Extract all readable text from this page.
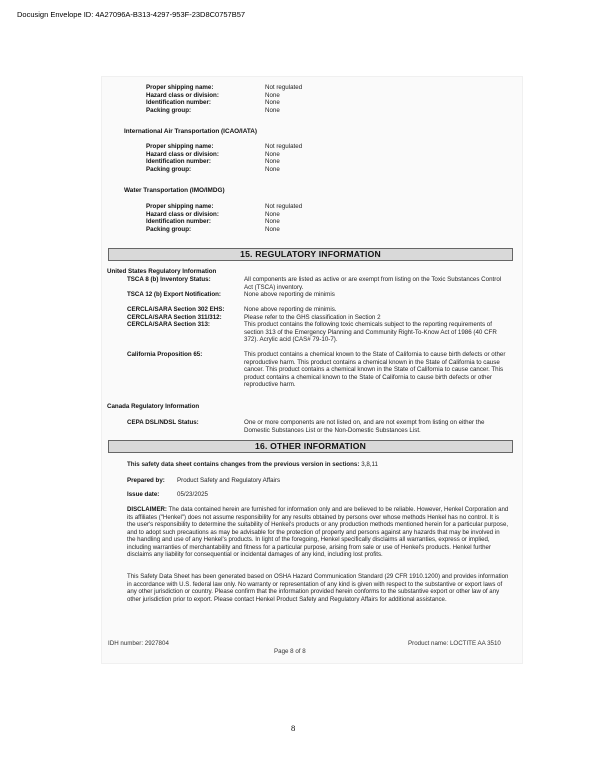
Docusign Envelope ID: 4A27096A-B313-4297-953F-23D8C0757B57
Proper shipping name:	Not regulated
Hazard class or division:	None
Identification number:	None
Packing group:	None
International Air Transportation (ICAO/IATA)
Proper shipping name:	Not regulated
Hazard class or division:	None
Identification number:	None
Packing group:	None
Water Transportation (IMO/IMDG)
Proper shipping name:	Not regulated
Hazard class or division:	None
Identification number:	None
Packing group:	None
15. REGULATORY INFORMATION
United States Regulatory Information
TSCA 8 (b) Inventory Status:	All components are listed as active or are exempt from listing on the Toxic Substances Control Act (TSCA) inventory.
TSCA 12 (b) Export Notification:	None above reporting de minimis
CERCLA/SARA Section 302 EHS:	None above reporting de minimis.
CERCLA/SARA Section 311/312:	Please refer to the GHS classification in Section 2
CERCLA/SARA Section 313:	This product contains the following toxic chemicals subject to the reporting requirements of section 313 of the Emergency Planning and Community Right-To-Know Act of 1986 (40 CFR 372). Acrylic acid (CAS# 79-10-7).
California Proposition 65:	This product contains a chemical known to the State of California to cause birth defects or other reproductive harm. This product contains a chemical known in the State of California to cause cancer. This product contains a chemical known in the State of California to cause cancer. This product contains a chemical known to the State of California to cause birth defects or other reproductive harm.
Canada Regulatory Information
CEPA DSL/NDSL Status:	One or more components are not listed on, and are not exempt from listing on either the Domestic Substances List or the Non-Domestic Substances List.
16. OTHER INFORMATION
This safety data sheet contains changes from the previous version in sections: 3,8,11
Prepared by:	Product Safety and Regulatory Affairs
Issue date:	05/23/2025
DISCLAIMER: The data contained herein are furnished for information only and are believed to be reliable. However, Henkel Corporation and its affiliates ("Henkel") does not assume responsibility for any results obtained by persons over whose methods Henkel has no control. It is the user's responsibility to determine the suitability of Henkel's products or any production methods mentioned herein for a particular purpose, and to adopt such precautions as may be advisable for the protection of property and persons against any hazards that may be involved in the handling and use of any Henkel's products. In light of the foregoing, Henkel specifically disclaims all warranties, express or implied, including warranties of merchantability and fitness for a particular purpose, arising from sale or use of Henkel's products. Henkel further disclaims any liability for consequential or incidental damages of any kind, including lost profits.
This Safety Data Sheet has been generated based on OSHA Hazard Communication Standard (29 CFR 1910.1200) and provides information in accordance with U.S. federal law only. No warranty or representation of any kind is given with respect to the substantive or export laws of any other jurisdiction or country. Please confirm that the information provided herein conforms to the substantive export or other law of any other jurisdiction prior to export. Please contact Henkel Product Safety and Regulatory Affairs for additional assistance.
IDH number: 2927804	Product name: LOCTITE AA 3510
Page 8 of 8
8
